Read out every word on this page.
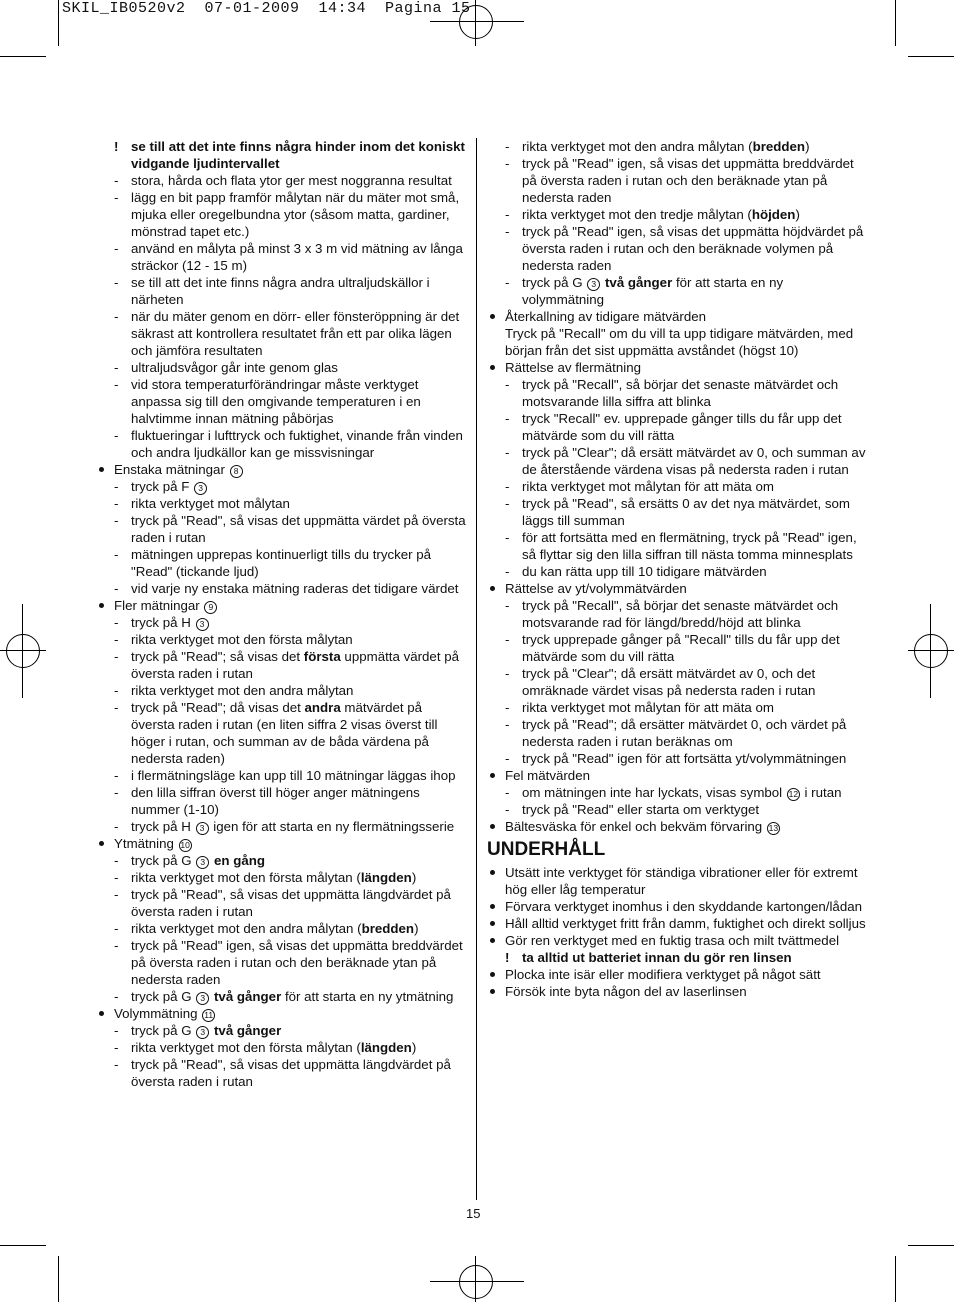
SKIL_IB0520v2  07-01-2009  14:34  Pagina 15
! se till att det inte finns några hinder inom det koniskt vidgande ljudintervallet
- stora, hårda och flata ytor ger mest noggranna resultat
- lägg en bit papp framför målytan när du mäter mot små, mjuka eller oregelbundna ytor (såsom matta, gardiner, mönstrad tapet etc.)
- använd en målyta på minst 3 x 3 m vid mätning av långa sträckor (12 - 15 m)
- se till att det inte finns några andra ultraljudskällor i närheten
- när du mäter genom en dörr- eller fönsteröppning är det säkrast att kontrollera resultatet från ett par olika lägen och jämföra resultaten
- ultraljudsvågor går inte genom glas
- vid stora temperaturförändringar måste verktyget anpassa sig till den omgivande temperaturen i en halvtimme innan mätning påbörjas
- fluktueringar i lufttryck och fuktighet, vinande från vinden och andra ljudkällor kan ge missvisningar
Enstaka mätningar 8
- tryck på F 3
- rikta verktyget mot målytan
- tryck på "Read", så visas det uppmätta värdet på översta raden i rutan
- mätningen upprepas kontinuerligt tills du trycker på "Read" (tickande ljud)
- vid varje ny enstaka mätning raderas det tidigare värdet
Fler mätningar 9
- tryck på H 3
- rikta verktyget mot den första målytan
- tryck på "Read"; så visas det första uppmätta värdet på översta raden i rutan
- rikta verktyget mot den andra målytan
- tryck på "Read"; då visas det andra mätvärdet på översta raden i rutan (en liten siffra 2 visas överst till höger i rutan, och summan av de båda värdena på nedersta raden)
- i flermätningsläge kan upp till 10 mätningar läggas ihop
- den lilla siffran överst till höger anger mätningens nummer (1-10)
- tryck på H 3 igen för att starta en ny flermätningsserie
Ytmätning 10
- tryck på G 3 en gång
- rikta verktyget mot den första målytan (längden)
- tryck på "Read", så visas det uppmätta längdvärdet på översta raden i rutan
- rikta verktyget mot den andra målytan (bredden)
- tryck på "Read" igen, så visas det uppmätta breddvärdet på översta raden i rutan och den beräknade ytan på nedersta raden
- tryck på G 3 två gånger för att starta en ny ytmätning
Volymmätning 11
- tryck på G 3 två gånger
- rikta verktyget mot den första målytan (längden)
- tryck på "Read", så visas det uppmätta längdvärdet på översta raden i rutan
- rikta verktyget mot den andra målytan (bredden)
- tryck på "Read" igen, så visas det uppmätta breddvärdet på översta raden i rutan och den beräknade ytan på nedersta raden
- rikta verktyget mot den tredje målytan (höjden)
- tryck på "Read" igen, så visas det uppmätta höjdvärdet på översta raden i rutan och den beräknade volymen på nedersta raden
- tryck på G 3 två gånger för att starta en ny volymmätning
Återkallning av tidigare mätvärden
Tryck på "Recall" om du vill ta upp tidigare mätvärden, med början från det sist uppmätta avståndet (högst 10)
Rättelse av flermätning
- tryck på "Recall", så börjar det senaste mätvärdet och motsvarande lilla siffra att blinka
- tryck "Recall" ev. upprepade gånger tills du får upp det mätvärde som du vill rätta
- tryck på "Clear"; då ersätt mätvärdet av 0, och summan av de återstående värdena visas på nedersta raden i rutan
- rikta verktyget mot målytan för att mäta om
- tryck på "Read", så ersätts 0 av det nya mätvärdet, som läggs till summan
- för att fortsätta med en flermätning, tryck på "Read" igen, så flyttar sig den lilla siffran till nästa tomma minnesplats
- du kan rätta upp till 10 tidigare mätvärden
Rättelse av yt/volymmätvärden
- tryck på "Recall", så börjar det senaste mätvärdet och motsvarande rad för längd/bredd/höjd att blinka
- tryck upprepade gånger på "Recall" tills du får upp det mätvärde som du vill rätta
- tryck på "Clear"; då ersätt mätvärdet av 0, och det omräknade värdet visas på nedersta raden i rutan
- rikta verktyget mot målytan för att mäta om
- tryck på "Read"; då ersätter mätvärdet 0, och värdet på nedersta raden i rutan beräknas om
- tryck på "Read" igen för att fortsätta yt/volymmätningen
Fel mätvärden
- om mätningen inte har lyckats, visas symbol 12 i rutan
- tryck på "Read" eller starta om verktyget
Bältesväska för enkel och bekväm förvaring 13
UNDERHÅLL
Utsätt inte verktyget för ständiga vibrationer eller för extremt hög eller låg temperatur
Förvara verktyget inomhus i den skyddande kartongen/lådan
Håll alltid verktyget fritt från damm, fuktighet och direkt solljus
Gör ren verktyget med en fuktig trasa och milt tvättmedel
! ta alltid ut batteriet innan du gör ren linsen
Plocka inte isär eller modifiera verktyget på något sätt
Försök inte byta någon del av laserlinsen
15
